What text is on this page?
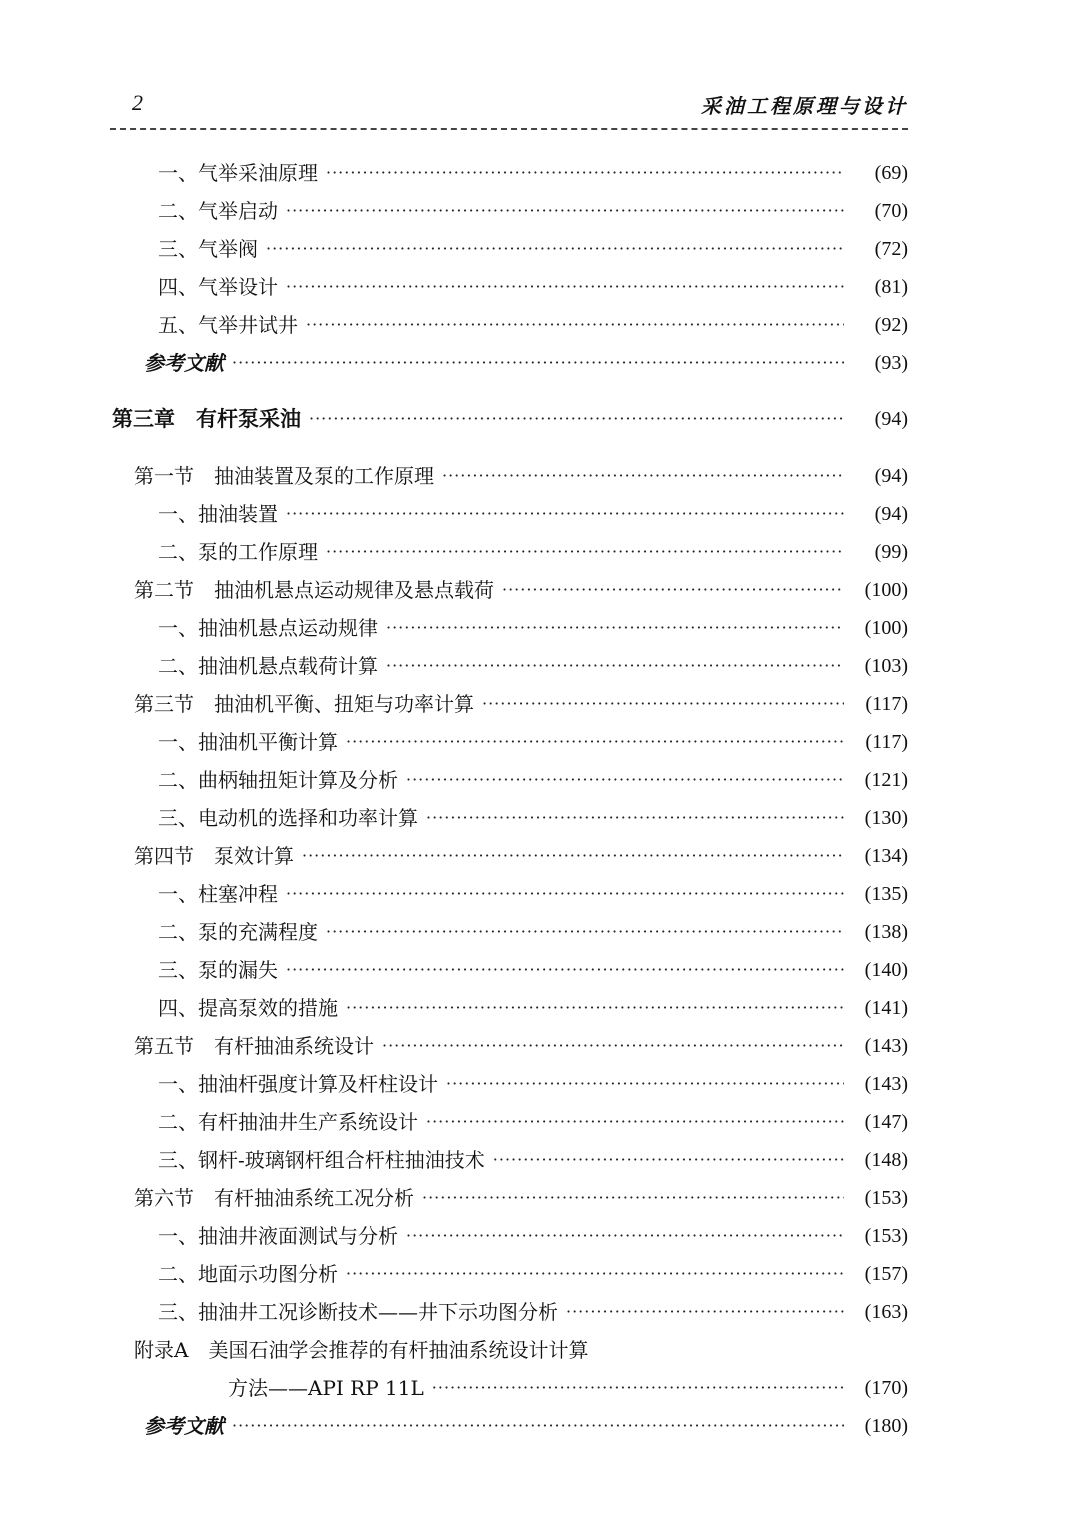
2	采油工程原理与设计
一、气举采油原理 ·····	(69)
二、气举启动 ·····	(70)
三、气举阀 ·····	(72)
四、气举设计 ·····	(81)
五、气举井试井 ·····	(92)
参考文献 ·····	(93)
第三章　有杆泵采油 ·····	(94)
第一节　抽油装置及泵的工作原理 ·····	(94)
一、抽油装置 ·····	(94)
二、泵的工作原理 ·····	(99)
第二节　抽油机悬点运动规律及悬点载荷 ·····	(100)
一、抽油机悬点运动规律 ·····	(100)
二、抽油机悬点载荷计算 ·····	(103)
第三节　抽油机平衡、扭矩与功率计算 ·····	(117)
一、抽油机平衡计算 ·····	(117)
二、曲柄轴扭矩计算及分析 ·····	(121)
三、电动机的选择和功率计算 ·····	(130)
第四节　泵效计算 ·····	(134)
一、柱塞冲程 ·····	(135)
二、泵的充满程度 ·····	(138)
三、泵的漏失 ·····	(140)
四、提高泵效的措施 ·····	(141)
第五节　有杆抽油系统设计 ·····	(143)
一、抽油杆强度计算及杆柱设计 ·····	(143)
二、有杆抽油井生产系统设计 ·····	(147)
三、钢杆-玻璃钢杆组合杆柱抽油技术 ·····	(148)
第六节　有杆抽油系统工况分析 ·····	(153)
一、抽油井液面测试与分析 ·····	(153)
二、地面示功图分析 ·····	(157)
三、抽油井工况诊断技术——井下示功图分析 ·····	(163)
附录A　美国石油学会推荐的有杆抽油系统设计计算
方法——API RP 11L ·····	(170)
参考文献 ·····	(180)
